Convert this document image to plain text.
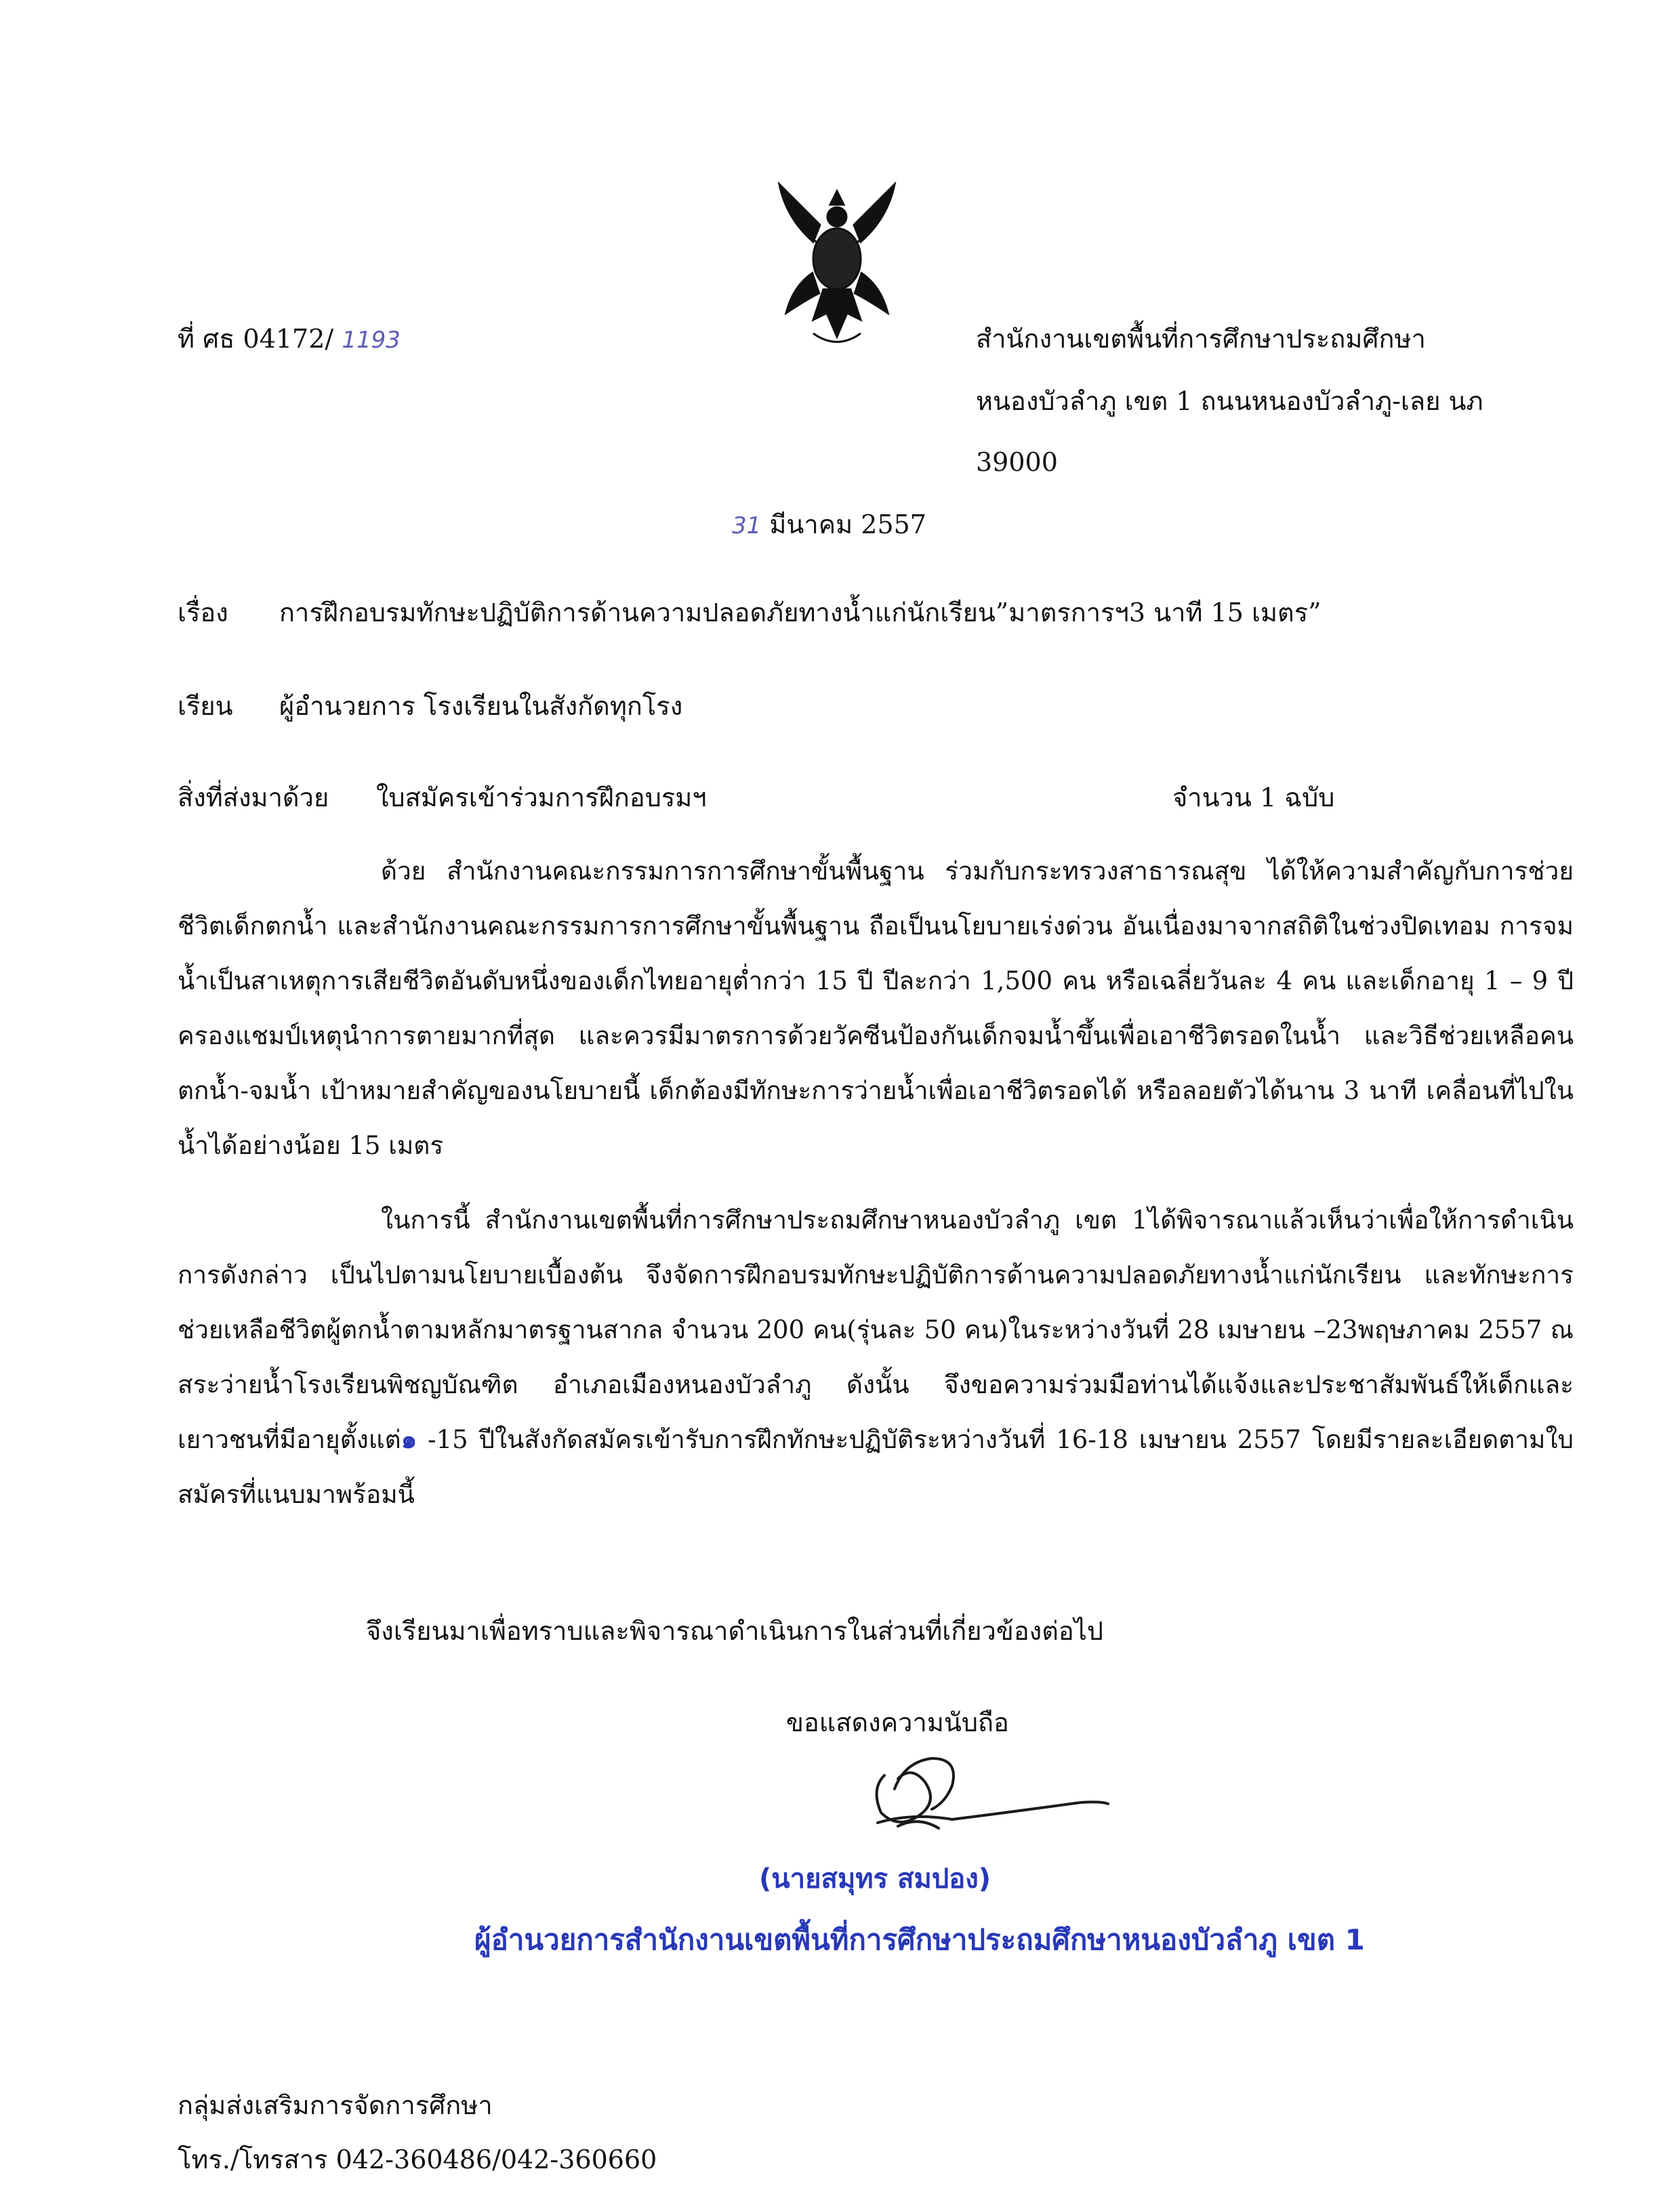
ที่ ศธ 04172/ 1193	สำนักงานเขตพื้นที่การศึกษาประถมศึกษา
หนองบัวลำภู เขต 1 ถนนหนองบัวลำภู-เลย นภ
39000
31 มีนาคม 2557
เรื่อง การฝึกอบรมทักษะปฏิบัติการด้านความปลอดภัยทางน้ำแก่นักเรียน”มาตรการฯ3 นาที 15 เมตร”
เรียน ผู้อำนวยการ โรงเรียนในสังกัดทุกโรง
สิ่งที่ส่งมาด้วย ใบสมัครเข้าร่วมการฝึกอบรมฯ	จำนวน 1 ฉบับ

ด้วย สำนักงานคณะกรรมการการศึกษาขั้นพื้นฐาน ร่วมกับกระทรวงสาธารณสุข ได้ให้ความสำคัญกับการช่วยชีวิตเด็กตกน้ำ และสำนักงานคณะกรรมการการศึกษาขั้นพื้นฐาน ถือเป็นนโยบายเร่งด่วน อันเนื่องมาจากสถิติในช่วงปิดเทอม การจมน้ำเป็นสาเหตุการเสียชีวิตอันดับหนึ่งของเด็กไทยอายุต่ำกว่า 15 ปี ปีละกว่า 1,500 คน หรือเฉลี่ยวันละ 4 คน และเด็กอายุ 1 – 9 ปี ครองแชมป์เหตุนำการตายมากที่สุด และควรมีมาตรการด้วยวัคซีนป้องกันเด็กจมน้ำขึ้นเพื่อเอาชีวิตรอดในน้ำ และวิธีช่วยเหลือคนตกน้ำ-จมน้ำ เป้าหมายสำคัญของนโยบายนี้ เด็กต้องมีทักษะการว่ายน้ำเพื่อเอาชีวิตรอดได้ หรือลอยตัวได้นาน 3 นาที เคลื่อนที่ไปในน้ำได้อย่างน้อย 15 เมตร

ในการนี้ สำนักงานเขตพื้นที่การศึกษาประถมศึกษาหนองบัวลำภู เขต 1ได้พิจารณาแล้วเห็นว่าเพื่อให้การดำเนินการดังกล่าว เป็นไปตามนโยบายเบื้องต้น จึงจัดการฝึกอบรมทักษะปฏิบัติการด้านความปลอดภัยทางน้ำแก่นักเรียน และทักษะการช่วยเหลือชีวิตผู้ตกน้ำตามหลักมาตรฐานสากล จำนวน 200 คน(รุ่นละ 50 คน)ในระหว่างวันที่ 28 เมษายน –23พฤษภาคม 2557 ณ สระว่ายน้ำโรงเรียนพิชญบัณฑิต อำเภอเมืองหนองบัวลำภู ดังนั้น จึงขอความร่วมมือท่านได้แจ้งและประชาสัมพันธ์ให้เด็กและเยาวชนที่มีอายุตั้งแต่๑ -15 ปีในสังกัดสมัครเข้ารับการฝึกทักษะปฏิบัติระหว่างวันที่ 16-18 เมษายน 2557 โดยมีรายละเอียดตามใบสมัครที่แนบมาพร้อมนี้

จึงเรียนมาเพื่อทราบและพิจารณาดำเนินการในส่วนที่เกี่ยวข้องต่อไป
ขอแสดงความนับถือ
(นายสมุทร สมปอง)
ผู้อำนวยการสำนักงานเขตพื้นที่การศึกษาประถมศึกษาหนองบัวลำภู เขต 1
กลุ่มส่งเสริมการจัดการศึกษา
โทร./โทรสาร 042-360486/042-360660
